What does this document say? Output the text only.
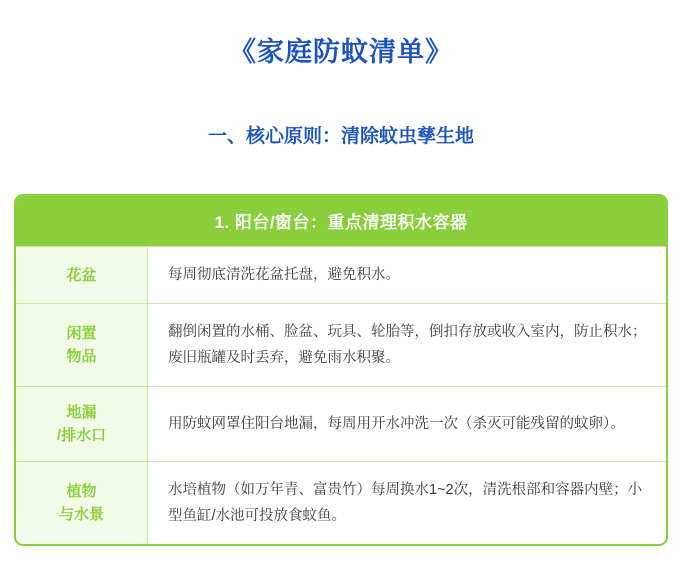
《家庭防蚊清单》
一、核心原则：清除蚊虫孳生地
1. 阳台/窗台：重点清理积水容器
花盆	每周彻底清洗花盆托盘，避免积水。
闲置
物品
翻倒闲置的水桶、脸盆、玩具、轮胎等，倒扣存放或收入室内，防止积水；废旧瓶罐及时丢弃，避免雨水积聚。
地漏
/排水口
用防蚊网罩住阳台地漏，每周用开水冲洗一次（杀灭可能残留的蚊卵）。
植物
与水景
水培植物（如万年青、富贵竹）每周换水1~2次，清洗根部和容器内壁；小型鱼缸/水池可投放食蚊鱼。
